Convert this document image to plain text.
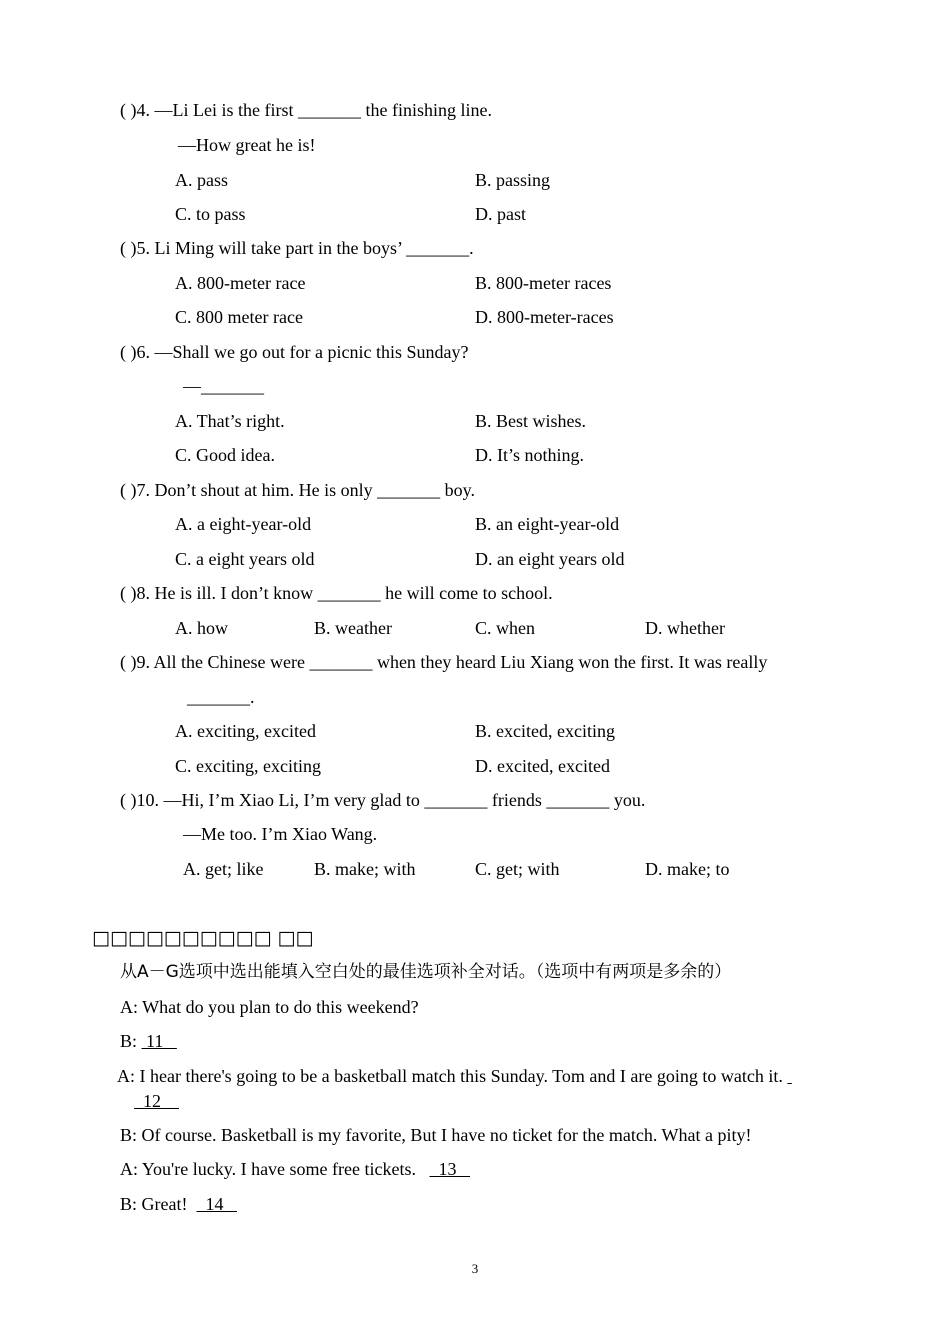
( )4. —Li Lei is the first _______ the finishing line.
—How great he is!
A. pass	B. passing
C. to pass	D. past
( )5. Li Ming will take part in the boys’ _______.
A. 800-meter race	B. 800-meter races
C. 800 meter race	D. 800-meter-races
( )6. —Shall we go out for a picnic this Sunday?
—_______
A. That’s right.	B. Best wishes.
C. Good idea.	D. It’s nothing.
( )7. Don’t shout at him. He is only _______ boy.
A. a eight-year-old	B. an eight-year-old
C. a eight years old	D. an eight years old
( )8. He is ill. I don’t know _______ he will come to school.
A. how	B. weather	C. when	D. whether
( )9. All the Chinese were _______ when they heard Liu Xiang won the first. It was really
_______.
A. exciting, excited	B. excited, exciting
C. exciting, exciting	D. excited, excited
( )10. —Hi, I’m Xiao Li, I’m very glad to _______ friends _______ you.
—Me too. I’m Xiao Wang.
A. get; like	B. make; with	C. get; with	D. make; to
□□□□□□□□□□ □□
从A－G选项中选出能填入空白处的最佳选项补全对话。（选项中有两项是多余的）
A: What do you plan to do this weekend?
B:  11
A: I hear there's going to be a basketball match this Sunday. Tom and I are going to watch it.
12
B: Of course. Basketball is my favorite, But I have no ticket for the match. What a pity!
A: You're lucky. I have some free tickets.     13
B: Great!    14
3
